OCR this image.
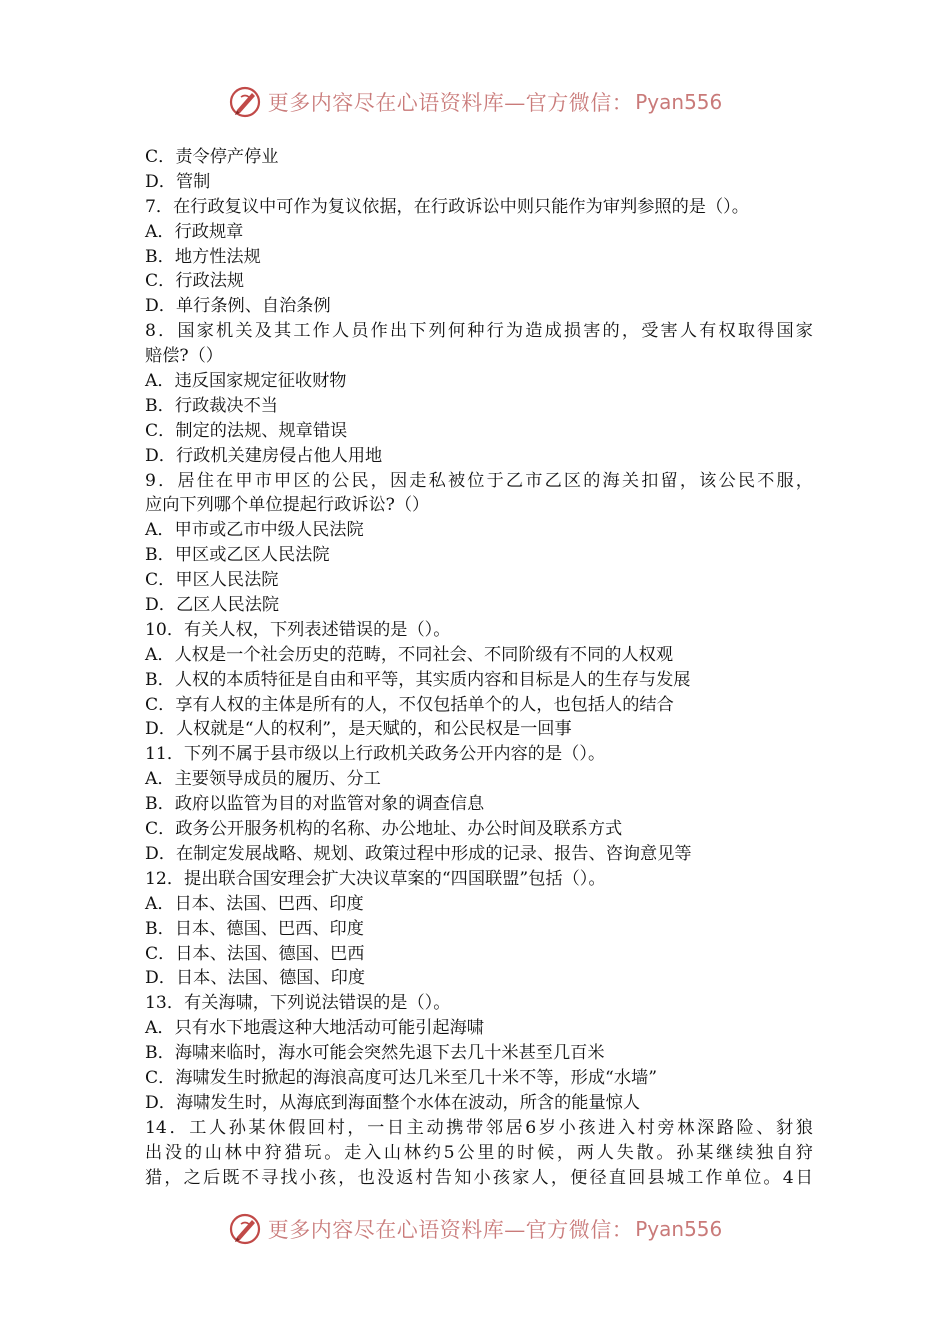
更多内容尽在心语资料库—官方微信： Pyan556
C．责令停产停业
D．管制
7．在行政复议中可作为复议依据，在行政诉讼中则只能作为审判参照的是（）。
A．行政规章
B．地方性法规
C．行政法规
D．单行条例、自治条例
8．国家机关及其工作人员作出下列何种行为造成损害的，受害人有权取得国家
赔偿?（）
A．违反国家规定征收财物
B．行政裁决不当
C．制定的法规、规章错误
D．行政机关建房侵占他人用地
9．居住在甲市甲区的公民，因走私被位于乙市乙区的海关扣留，该公民不服，
应向下列哪个单位提起行政诉讼?（）
A．甲市或乙市中级人民法院
B．甲区或乙区人民法院
C．甲区人民法院
D．乙区人民法院
10．有关人权，下列表述错误的是（）。
A．人权是一个社会历史的范畴，不同社会、不同阶级有不同的人权观
B．人权的本质特征是自由和平等，其实质内容和目标是人的生存与发展
C．享有人权的主体是所有的人，不仅包括单个的人，也包括人的结合
D．人权就是“人的权利”，是天赋的，和公民权是一回事
11．下列不属于县市级以上行政机关政务公开内容的是（）。
A．主要领导成员的履历、分工
B．政府以监管为目的对监管对象的调查信息
C．政务公开服务机构的名称、办公地址、办公时间及联系方式
D．在制定发展战略、规划、政策过程中形成的记录、报告、咨询意见等
12．提出联合国安理会扩大决议草案的“四国联盟”包括（）。
A．日本、法国、巴西、印度
B．日本、德国、巴西、印度
C．日本、法国、德国、巴西
D．日本、法国、德国、印度
13．有关海啸，下列说法错误的是（）。
A．只有水下地震这种大地活动可能引起海啸
B．海啸来临时，海水可能会突然先退下去几十米甚至几百米
C．海啸发生时掀起的海浪高度可达几米至几十米不等，形成“水墙”
D．海啸发生时，从海底到海面整个水体在波动，所含的能量惊人
14．工人孙某休假回村，一日主动携带邻居6岁小孩进入村旁林深路险、豺狼
出没的山林中狩猎玩。走入山林约5公里的时候，两人失散。孙某继续独自狩
猎，之后既不寻找小孩，也没返村告知小孩家人，便径直回县城工作单位。4日
更多内容尽在心语资料库—官方微信： Pyan556
